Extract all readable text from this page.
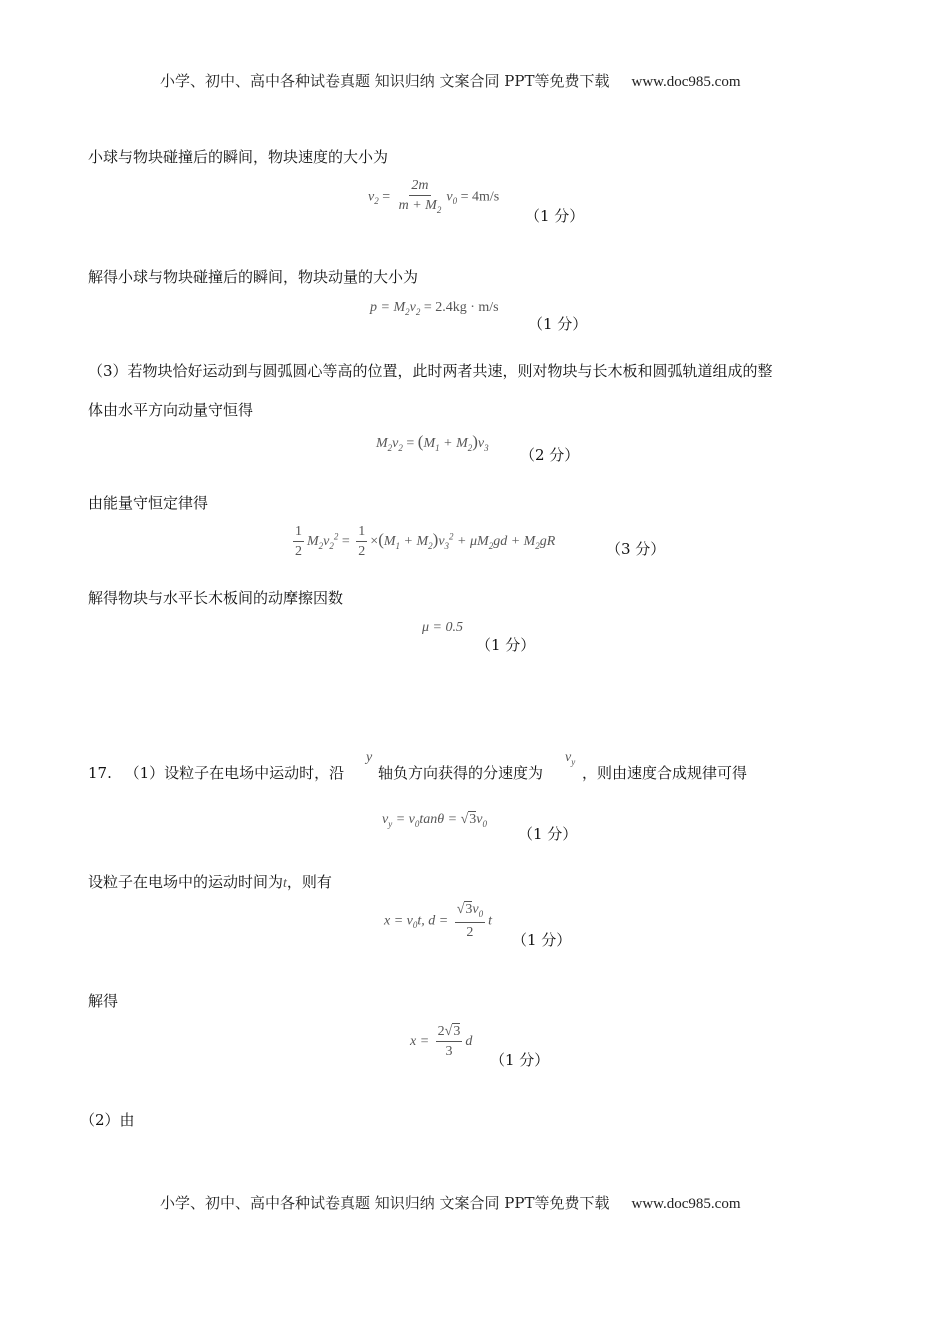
小学、初中、高中各种试卷真题 知识归纳 文案合同 PPT等免费下载 www.doc985.com
小球与物块碰撞后的瞬间，物块速度的大小为
$v_2 = \frac{2m}{m + M_2} v_0 = 4m/s$
（1 分）
解得小球与物块碰撞后的瞬间，物块动量的大小为
$p = M_2v_2 = 2.4kg \cdot m/s$
（1 分）
（3）若物块恰好运动到与圆弧圆心等高的位置，此时两者共速，则对物块与长木板和圆弧轨道组成的整
体由水平方向动量守恒得
$M_2v_2 = (M_1 + M_2)v_3$ （2 分）
由能量守恒定律得
$\frac{1}{2} M_2v_2^2 = \frac{1}{2} \times(M_1 + M_2)v_3^2 + \mu M_2gd + M_2gR$	（3 分）
解得物块与水平长木板间的动摩擦因数
μ = 0.5
（1 分）
17. （1）设粒子在电场中运动时，沿
y
轴负方向获得的分速度为
$v_y$
，则由速度合成规律可得
$v_y = v_0\tan\theta = √3v_0$
（1 分）
设粒子在电场中的运动时间为t，则有
$x = v_0t$, $d = \frac{√3v_0}{2}$ t
（1 分）
解得
$x = \frac{2√3}{3}$ d
（1 分）
（2）由
小学、初中、高中各种试卷真题 知识归纳 文案合同 PPT等免费下载 www.doc985.com
